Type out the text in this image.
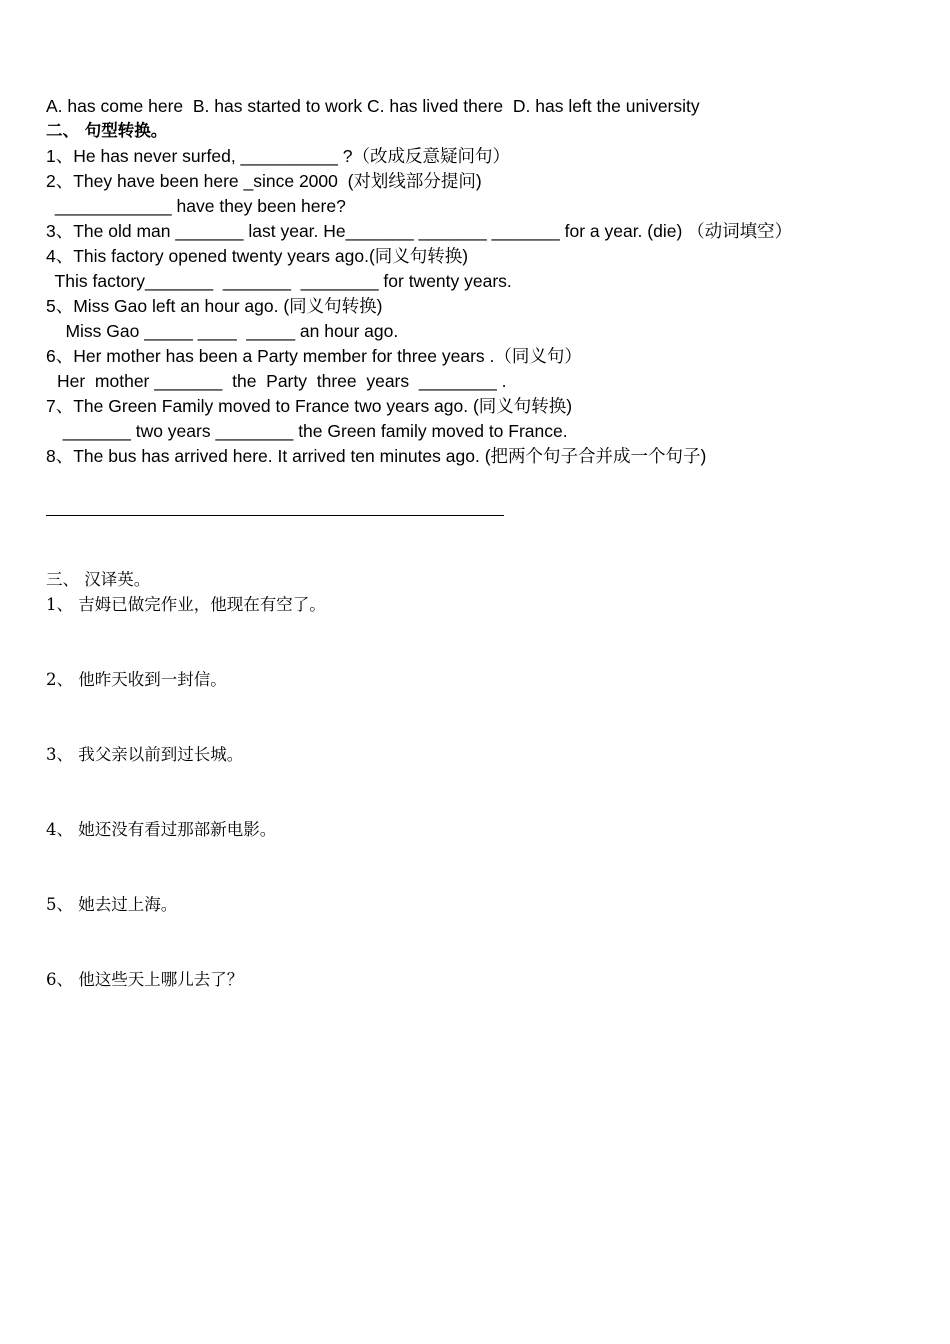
A. has come here  B. has started to work C. has lived there  D. has left the university
二、 句型转换。
1、He has never surfed, __________ ?（改成反意疑问句）
2、They have been here _since 2000  (对划线部分提问)
____________ have they been here?
3、The old man _______ last year. He_______ _______ _______ for a year. (die) （动词填空）
4、This factory opened twenty years ago.(同义句转换)
This factory_______  _______  ________ for twenty years.
5、Miss Gao left an hour ago. (同义句转换)
Miss Gao _____ ____  _____ an hour ago.
6、Her mother has been a Party member for three years .（同义句）
Her  mother _______  the  Party  three  years  ________ .
7、The Green Family moved to France two years ago. (同义句转换)
_______ two years ________ the Green family moved to France.
8、The bus has arrived here. It arrived ten minutes ago. (把两个句子合并成一个句子)
三、 汉译英。
1、 吉姆已做完作业，他现在有空了。
2、 他昨天收到一封信。
3、 我父亲以前到过长城。
4、 她还没有看过那部新电影。
5、 她去过上海。
6、 他这些天上哪儿去了？
